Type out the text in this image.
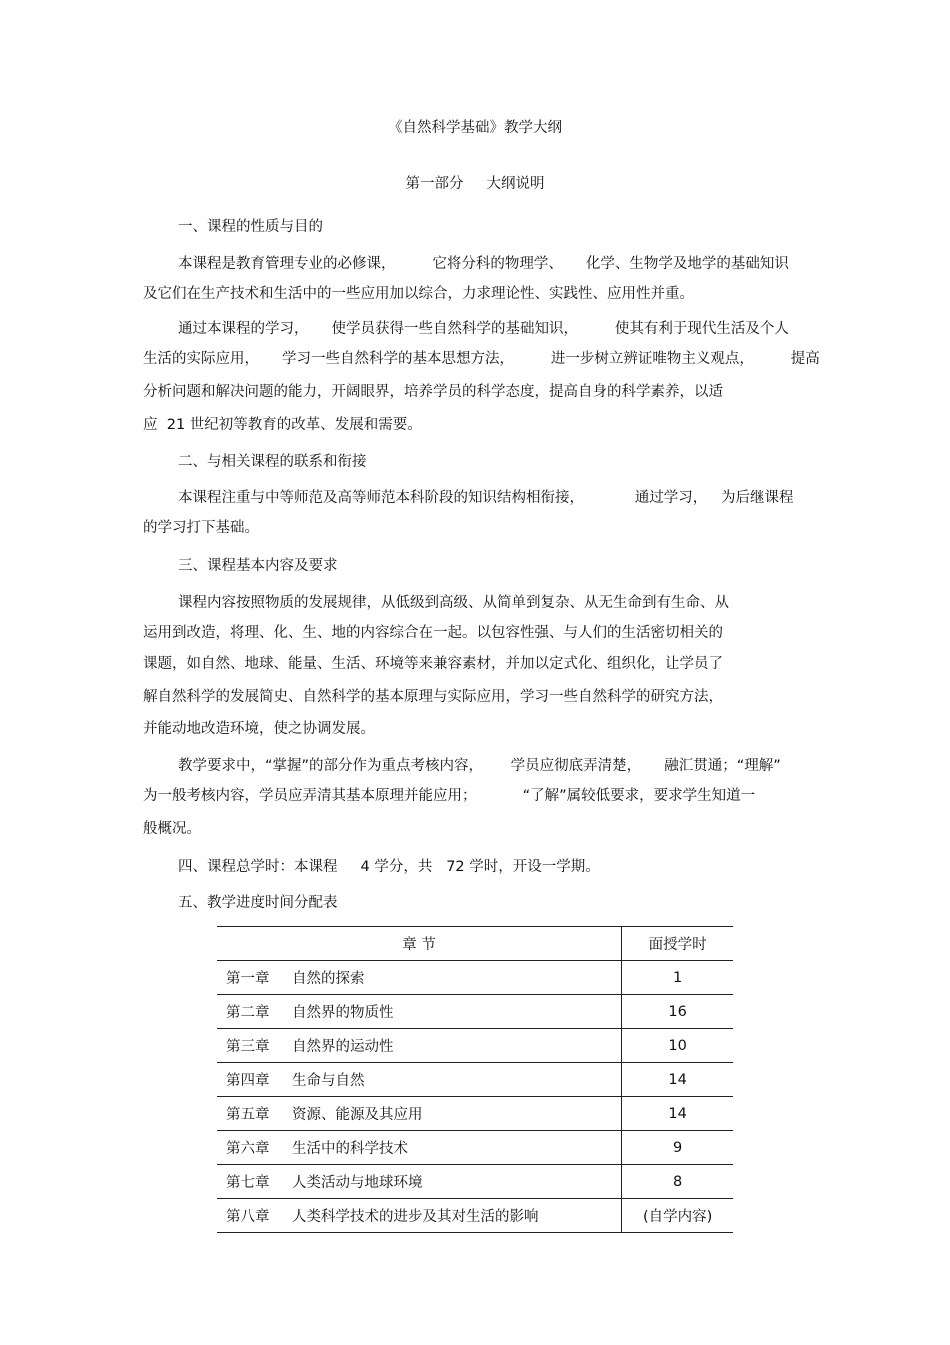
《自然科学基础》教学大纲
第一部分     大纲说明
一、课程的性质与目的
本课程是教育管理专业的必修课，        它将分科的物理学、     化学、生物学及地学的基础知识
及它们在生产技术和生活中的一些应用加以综合，力求理论性、实践性、应用性并重。
通过本课程的学习，     使学员获得一些自然科学的基础知识，        使其有利于现代生活及个人
生活的实际应用，     学习一些自然科学的基本思想方法，        进一步树立辨证唯物主义观点，        提高
分析问题和解决问题的能力，开阔眼界，培养学员的科学态度，提高自身的科学素养，以适
应  21 世纪初等教育的改革、发展和需要。
二、与相关课程的联系和衔接
本课程注重与中等师范及高等师范本科阶段的知识结构相衔接，           通过学习，   为后继课程
的学习打下基础。
三、课程基本内容及要求
课程内容按照物质的发展规律，从低级到高级、从简单到复杂、从无生命到有生命、从
运用到改造，将理、化、生、地的内容综合在一起。以包容性强、与人们的生活密切相关的
课题，如自然、地球、能量、生活、环境等来兼容素材，并加以定式化、组织化，让学员了
解自然科学的发展简史、自然科学的基本原理与实际应用，学习一些自然科学的研究方法，
并能动地改造环境，使之协调发展。
教学要求中，“掌握”的部分作为重点考核内容，      学员应彻底弄清楚，     融汇贯通；“理解”
为一般考核内容，学员应弄清其基本原理并能应用；          “了解”属较低要求，要求学生知道一
般概况。
四、课程总学时：本课程     4 学分，共   72 学时，开设一学期。
五、教学进度时间分配表
章 节	面授学时
第一章 自然的探索	1
第二章 自然界的物质性	16
第三章 自然界的运动性	10
第四章 生命与自然	14
第五章 资源、能源及其应用	14
第六章 生活中的科学技术	9
第七章 人类活动与地球环境	8
第八章 人类科学技术的进步及其对生活的影响	(自学内容)
